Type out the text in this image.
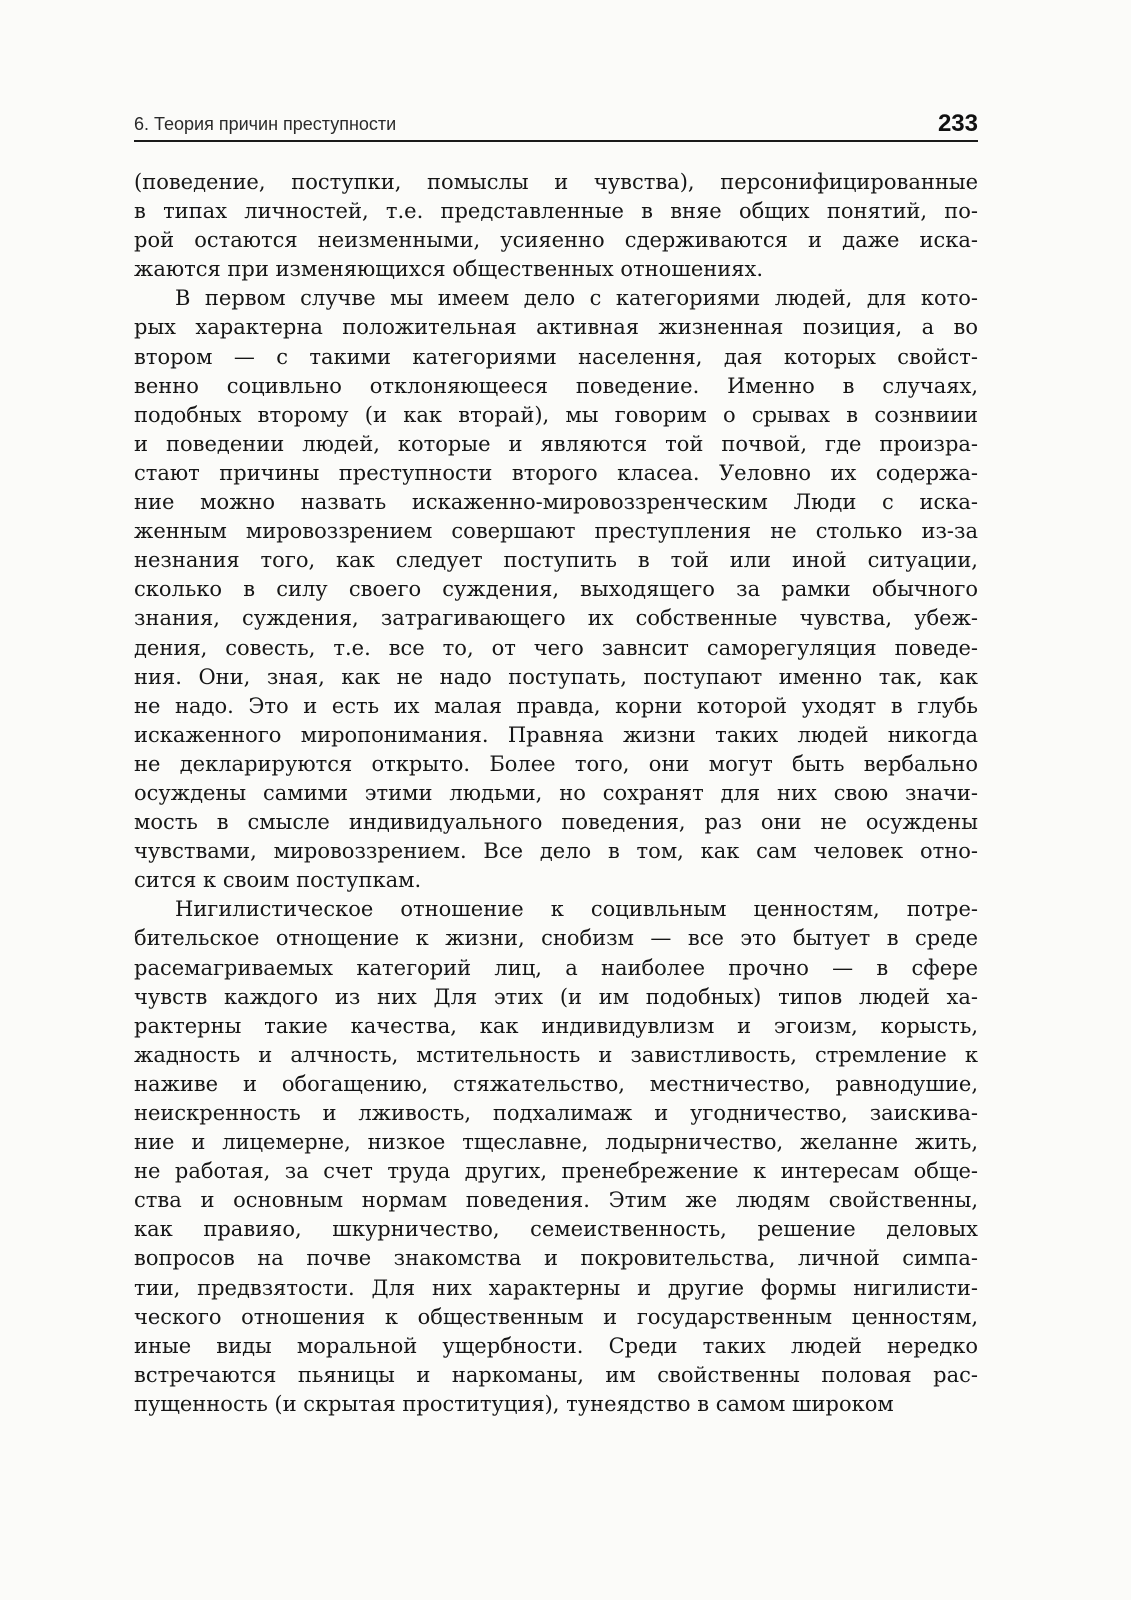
6. Теория причин преступности	233

(поведение, поступки, помыслы и чувства), персонифицированные
в типах личностей, т.е. представленные в вняе общих понятий, по-
рой остаются неизменными, усияенно сдерживаются и даже иска-
жаются при изменяющихся общественных отношениях.

В первом случве мы имеем дело с категориями людей, для кото-
рых характерна положительная активная жизненная позиция, а во
втором — с такими категориями населення, дая которых свойст-
венно социвльно отклоняющееся поведение. Именно в случаях,
подобных второму (и как вторай), мы говорим о срывах в сознвиии
и поведении людей, которые и являются той почвой, где произра-
стают причины преступности второго класеа. Уеловно их содержа-
ние можно назвать искаженно-мировоззренческим Люди с иска-
женным мировоззрением совершают преступления не столько из-за
незнания того, как следует поступить в той или иной ситуации,
сколько в силу своего суждения, выходящего за рамки обычного
знания, суждения, затрагивающего их собственные чувства, убеж-
дения, совесть, т.е. все то, от чего завнсит саморегуляция поведе-
ния. Они, зная, как не надо поступать, поступают именно так, как
не надо. Это и есть их малая правда, корни которой уходят в глубь
искаженного миропонимания. Правняа жизни таких людей никогда
не декларируются открыто. Более того, они могут быть вербально
осуждены самими этими людьми, но сохранят для них свою значи-
мость в смысле индивидуального поведения, раз они не осуждены
чувствами, мировоззрением. Все дело в том, как сам человек отно-
сится к своим поступкам.

Нигилистическое отношение к социвльным ценностям, потре-
бительское отнощение к жизни, снобизм — все это бытует в среде
расемагриваемых категорий лиц, а наиболее прочно — в сфере
чувств каждого из них Для этих (и им подобных) типов людей ха-
рактерны такие качества, как индивидувлизм и эгоизм, корысть,
жадность и алчность, мстительность и завистливость, стремление к
наживе и обогащению, стяжательство, местничество, равнодушие,
неискренность и лживость, подхалимаж и угодничество, заискива-
ние и лицемерне, низкое тщеславне, лодырничество, желанне жить,
не работая, за счет труда других, пренебрежение к интересам обще-
ства и основным нормам поведения. Этим же людям свойственны,
как правияо, шкурничество, семеиственность, решение деловых
вопросов на почве знакомства и покровительства, личной симпа-
тии, предвзятости. Для них характерны и другие формы нигилисти-
ческого отношения к общественным и государственным ценностям,
иные виды моральной ущербности. Среди таких людей нередко
встречаются пьяницы и наркоманы, им свойственны половая рас-
пущенность (и скрытая проституция), тунеядство в самом широком
